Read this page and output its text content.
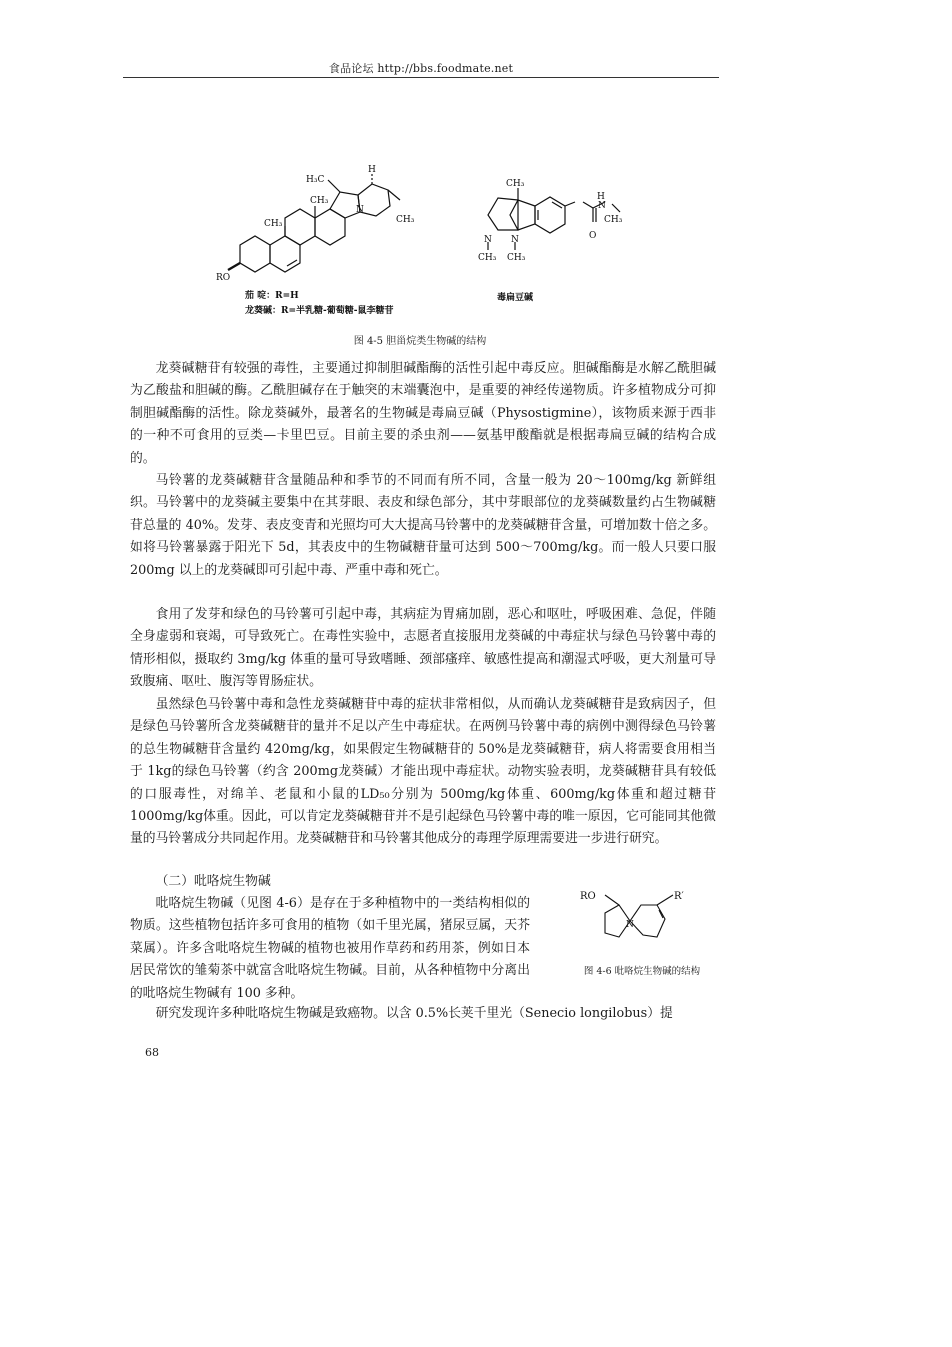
食品论坛 http://bbs.foodmate.net
H₃C
H
CH₃
CH₃	CH₃
N
RO
CH₃
H
N
CH₃
O
N N
CH₃ CH₃
茄 啶：R=H
龙葵碱：R=半乳糖-葡萄糖-鼠李糖苷
毒扁豆碱
图 4-5 胆甾烷类生物碱的结构

龙葵碱糖苷有较强的毒性，主要通过抑制胆碱酯酶的活性引起中毒反应。胆碱酯酶是水解乙酰胆碱为乙酸盐和胆碱的酶。乙酰胆碱存在于触突的末端囊泡中，是重要的神经传递物质。许多植物成分可抑制胆碱酯酶的活性。除龙葵碱外，最著名的生物碱是毒扁豆碱（Physostigmine），该物质来源于西非的一种不可食用的豆类—卡里巴豆。目前主要的杀虫剂——氨基甲酸酯就是根据毒扁豆碱的结构合成的。

马铃薯的龙葵碱糖苷含量随品种和季节的不同而有所不同，含量一般为 20～100mg/kg 新鲜组织。马铃薯中的龙葵碱主要集中在其芽眼、表皮和绿色部分，其中芽眼部位的龙葵碱数量约占生物碱糖苷总量的 40%。发芽、表皮变青和光照均可大大提高马铃薯中的龙葵碱糖苷含量，可增加数十倍之多。如将马铃薯暴露于阳光下 5d，其表皮中的生物碱糖苷量可达到 500～700mg/kg。而一般人只要口服 200mg 以上的龙葵碱即可引起中毒、严重中毒和死亡。

食用了发芽和绿色的马铃薯可引起中毒，其病症为胃痛加剧，恶心和呕吐，呼吸困难、急促，伴随全身虚弱和衰竭，可导致死亡。在毒性实验中，志愿者直接服用龙葵碱的中毒症状与绿色马铃薯中毒的情形相似，摄取约 3mg/kg 体重的量可导致嗜睡、颈部瘙痒、敏感性提高和潮湿式呼吸，更大剂量可导致腹痛、呕吐、腹泻等胃肠症状。

虽然绿色马铃薯中毒和急性龙葵碱糖苷中毒的症状非常相似，从而确认龙葵碱糖苷是致病因子，但是绿色马铃薯所含龙葵碱糖苷的量并不足以产生中毒症状。在两例马铃薯中毒的病例中测得绿色马铃薯的总生物碱糖苷含量约 420mg/kg，如果假定生物碱糖苷的 50%是龙葵碱糖苷，病人将需要食用相当于 1kg的绿色马铃薯（约含 200mg龙葵碱）才能出现中毒症状。动物实验表明，龙葵碱糖苷具有较低的口服毒性，对绵羊、老鼠和小鼠的LD₅₀分别为 500mg/kg体重、600mg/kg体重和超过糖苷 1000mg/kg体重。因此，可以肯定龙葵碱糖苷并不是引起绿色马铃薯中毒的唯一原因，它可能同其他微量的马铃薯成分共同起作用。龙葵碱糖苷和马铃薯其他成分的毒理学原理需要进一步进行研究。

（二）吡咯烷生物碱

吡咯烷生物碱（见图 4-6）是存在于多种植物中的一类结构相似的物质。这些植物包括许多可食用的植物（如千里光属，猪尿豆属，天芥菜属）。许多含吡咯烷生物碱的植物也被用作草药和药用茶，例如日本居民常饮的雏菊茶中就富含吡咯烷生物碱。目前，从各种植物中分离出的吡咯烷生物碱有 100 多种。

RO	R′
N
图 4-6 吡咯烷生物碱的结构

研究发现许多种吡咯烷生物碱是致癌物。以含 0.5%长荚千里光（Senecio longilobus）提

68
